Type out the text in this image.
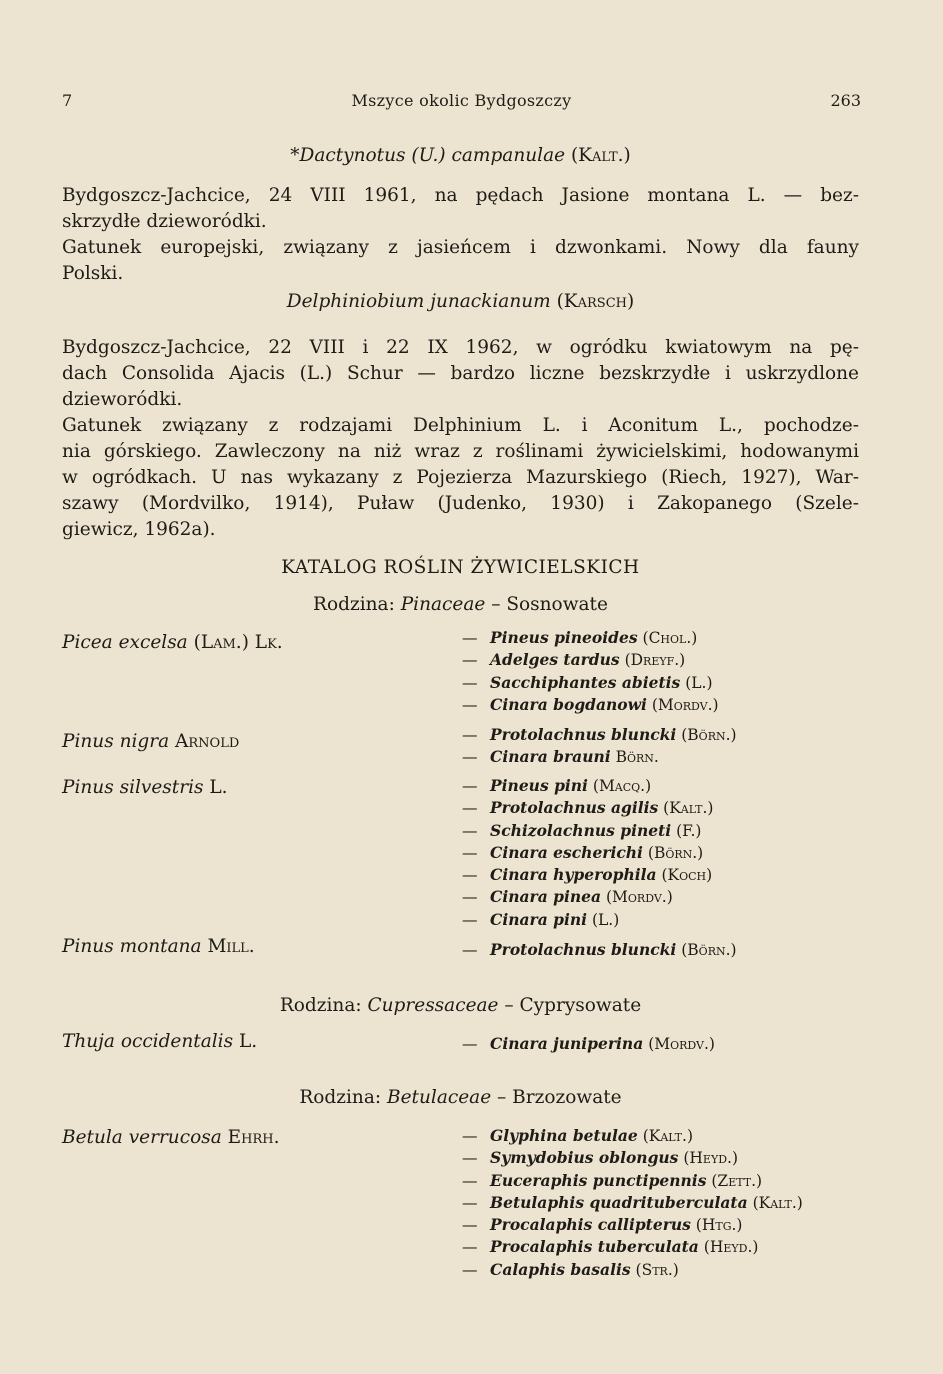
7	Mszyce okolic Bydgoszczy	263
*Dactynotus (U.) campanulae (Kalt.)
Bydgoszcz-Jachcice, 24 VIII 1961, na pędach Jasione montana L. — bez-
skrzydłe dzieworódki.
Gatunek europejski, związany z jasieńcem i dzwonkami. Nowy dla fauny
Polski.
Delphiniobium junackianum (Karsch)
Bydgoszcz-Jachcice, 22 VIII i 22 IX 1962, w ogródku kwiatowym na pę-
dach Consolida Ajacis (L.) Schur — bardzo liczne bezskrzydłe i uskrzydlone
dzieworódki.
Gatunek związany z rodzajami Delphinium L. i Aconitum L., pochodze-
nia górskiego. Zawleczony na niż wraz z roślinami żywicielskimi, hodowanymi
w ogródkach. U nas wykazany z Pojezierza Mazurskiego (Riech, 1927), War-
szawy (Mordvilko, 1914), Puław (Judenko, 1930) i Zakopanego (Szele-
giewicz, 1962a).
KATALOG ROŚLIN ŻYWICIELSKICH
Rodzina: Pinaceae – Sosnowate
Picea excelsa (Lam.) Lk.	— Pineus pineoides (Chol.)
— Adelges tardus (Dreyf.)
— Sacchiphantes abietis (L.)
— Cinara bogdanowi (Mordv.)
Pinus nigra Arnold	— Protolachnus bluncki (Börn.)
— Cinara brauni Börn.
Pinus silvestris L.	— Pineus pini (Macq.)
— Protolachnus agilis (Kalt.)
— Schizolachnus pineti (F.)
— Cinara escherichi (Börn.)
— Cinara hyperophila (Koch)
— Cinara pinea (Mordv.)
— Cinara pini (L.)
Pinus montana Mill.	— Protolachnus bluncki (Börn.)
Rodzina: Cupressaceae – Cyprysowate
Thuja occidentalis L.	— Cinara juniperina (Mordv.)
Rodzina: Betulaceae – Brzozowate
Betula verrucosa Ehrh.	— Glyphina betulae (Kalt.)
— Symydobius oblongus (Heyd.)
— Euceraphis punctipennis (Zett.)
— Betulaphis quadrituberculata (Kalt.)
— Procalaphis callipterus (Htg.)
— Procalaphis tuberculata (Heyd.)
— Calaphis basalis (Str.)
